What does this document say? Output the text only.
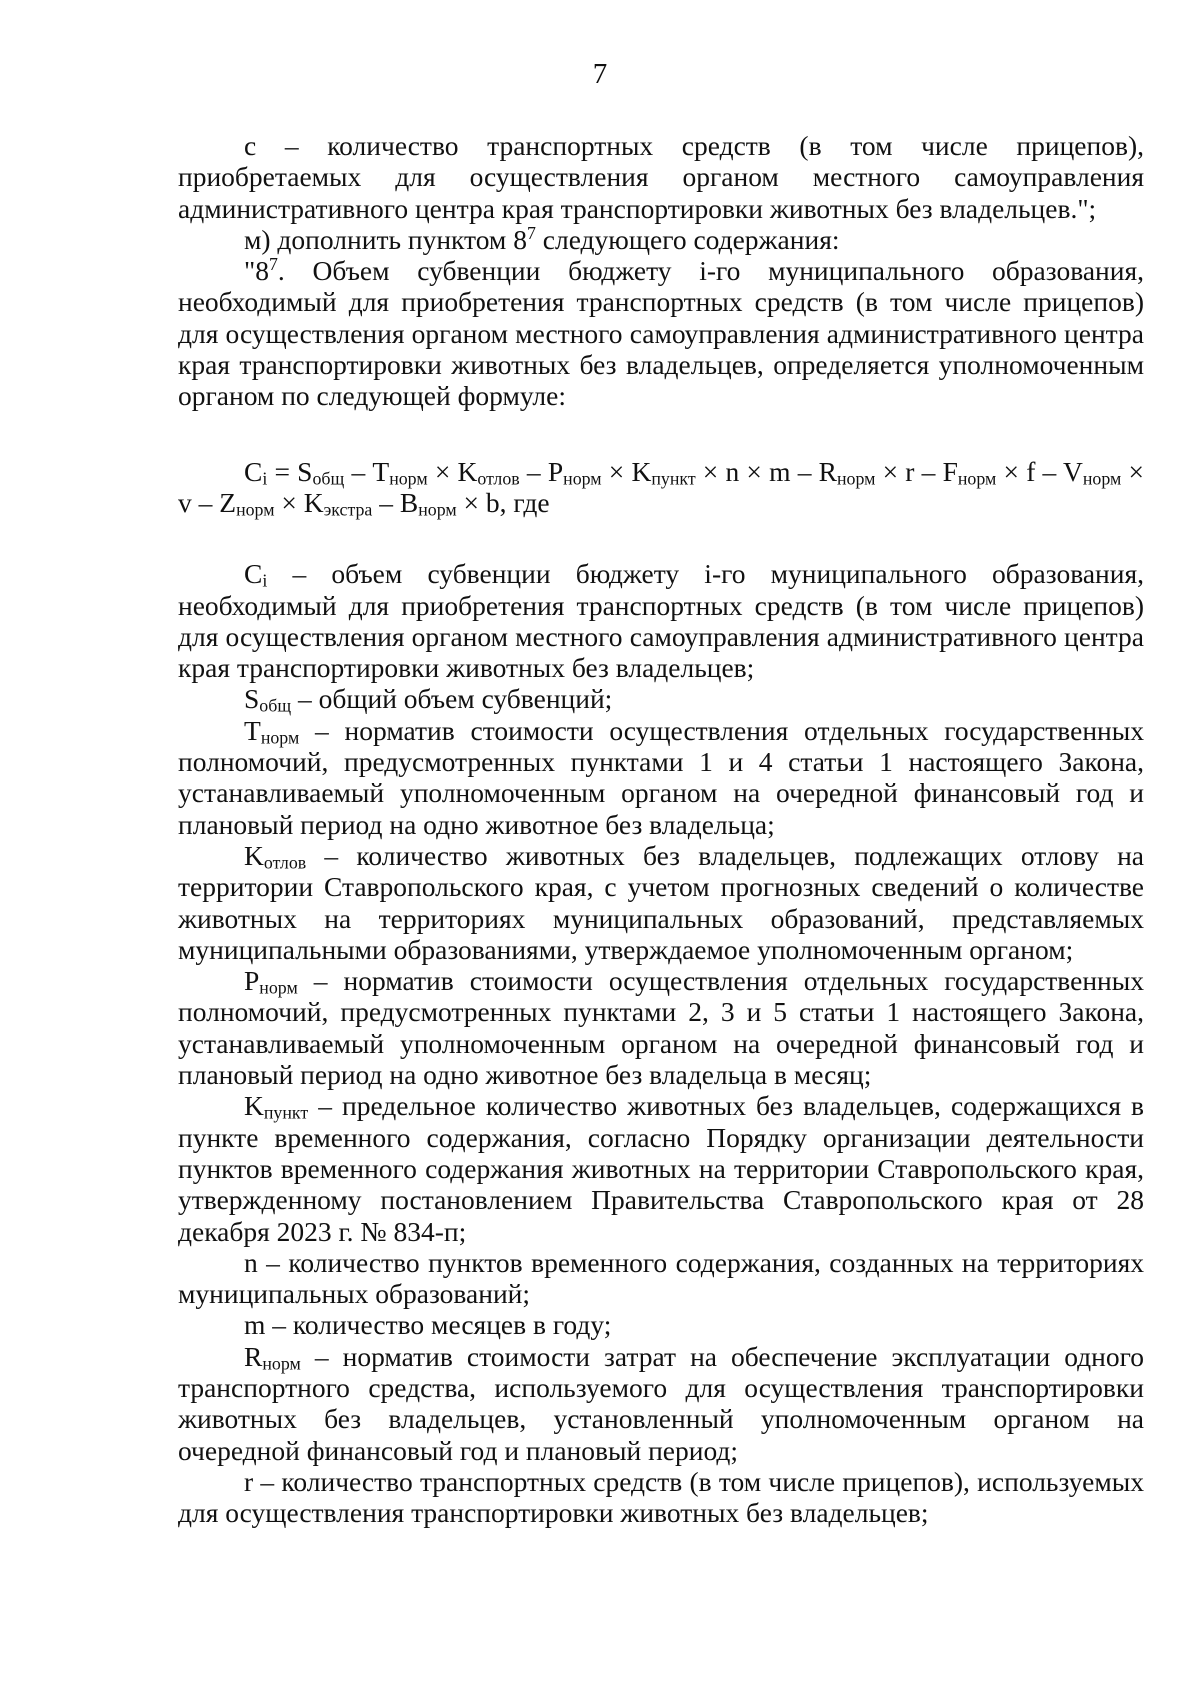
7

с – количество транспортных средств (в том числе прицепов), приобретаемых для осуществления органом местного самоуправления административного центра края транспортировки животных без владельцев.";

м) дополнить пунктом $8^7$ следующего содержания:

"$8^7$. Объем субвенции бюджету i-го муниципального образования, необходимый для приобретения транспортных средств (в том числе прицепов) для осуществления органом местного самоуправления административного центра края транспортировки животных без владельцев, определяется уполномоченным органом по следующей формуле:

$C_i = S_{общ} - T_{норм} \times K_{отлов} - P_{норм} \times K_{пункт} \times n \times m - R_{норм} \times r - F_{норм} \times f - V_{норм} \times v - Z_{норм} \times K_{экстра} - B_{норм} \times b$, где

$C_i$ – объем субвенции бюджету i-го муниципального образования, необходимый для приобретения транспортных средств (в том числе прицепов) для осуществления органом местного самоуправления административного центра края транспортировки животных без владельцев;

$S_{общ}$ – общий объем субвенций;

$T_{норм}$ – норматив стоимости осуществления отдельных государственных полномочий, предусмотренных пунктами 1 и 4 статьи 1 настоящего Закона, устанавливаемый уполномоченным органом на очередной финансовый год и плановый период на одно животное без владельца;

$K_{отлов}$ – количество животных без владельцев, подлежащих отлову на территории Ставропольского края, с учетом прогнозных сведений о количестве животных на территориях муниципальных образований, представляемых муниципальными образованиями, утверждаемое уполномоченным органом;

$P_{норм}$ – норматив стоимости осуществления отдельных государственных полномочий, предусмотренных пунктами 2, 3 и 5 статьи 1 настоящего Закона, устанавливаемый уполномоченным органом на очередной финансовый год и плановый период на одно животное без владельца в месяц;

$K_{пункт}$ – предельное количество животных без владельцев, содержащихся в пункте временного содержания, согласно Порядку организации деятельности пунктов временного содержания животных на территории Ставропольского края, утвержденному постановлением Правительства Ставропольского края от 28 декабря 2023 г. № 834-п;

n – количество пунктов временного содержания, созданных на территориях муниципальных образований;

m – количество месяцев в году;

$R_{норм}$ – норматив стоимости затрат на обеспечение эксплуатации одного транспортного средства, используемого для осуществления транспортировки животных без владельцев, установленный уполномоченным органом на очередной финансовый год и плановый период;

r – количество транспортных средств (в том числе прицепов), используемых для осуществления транспортировки животных без владельцев;
